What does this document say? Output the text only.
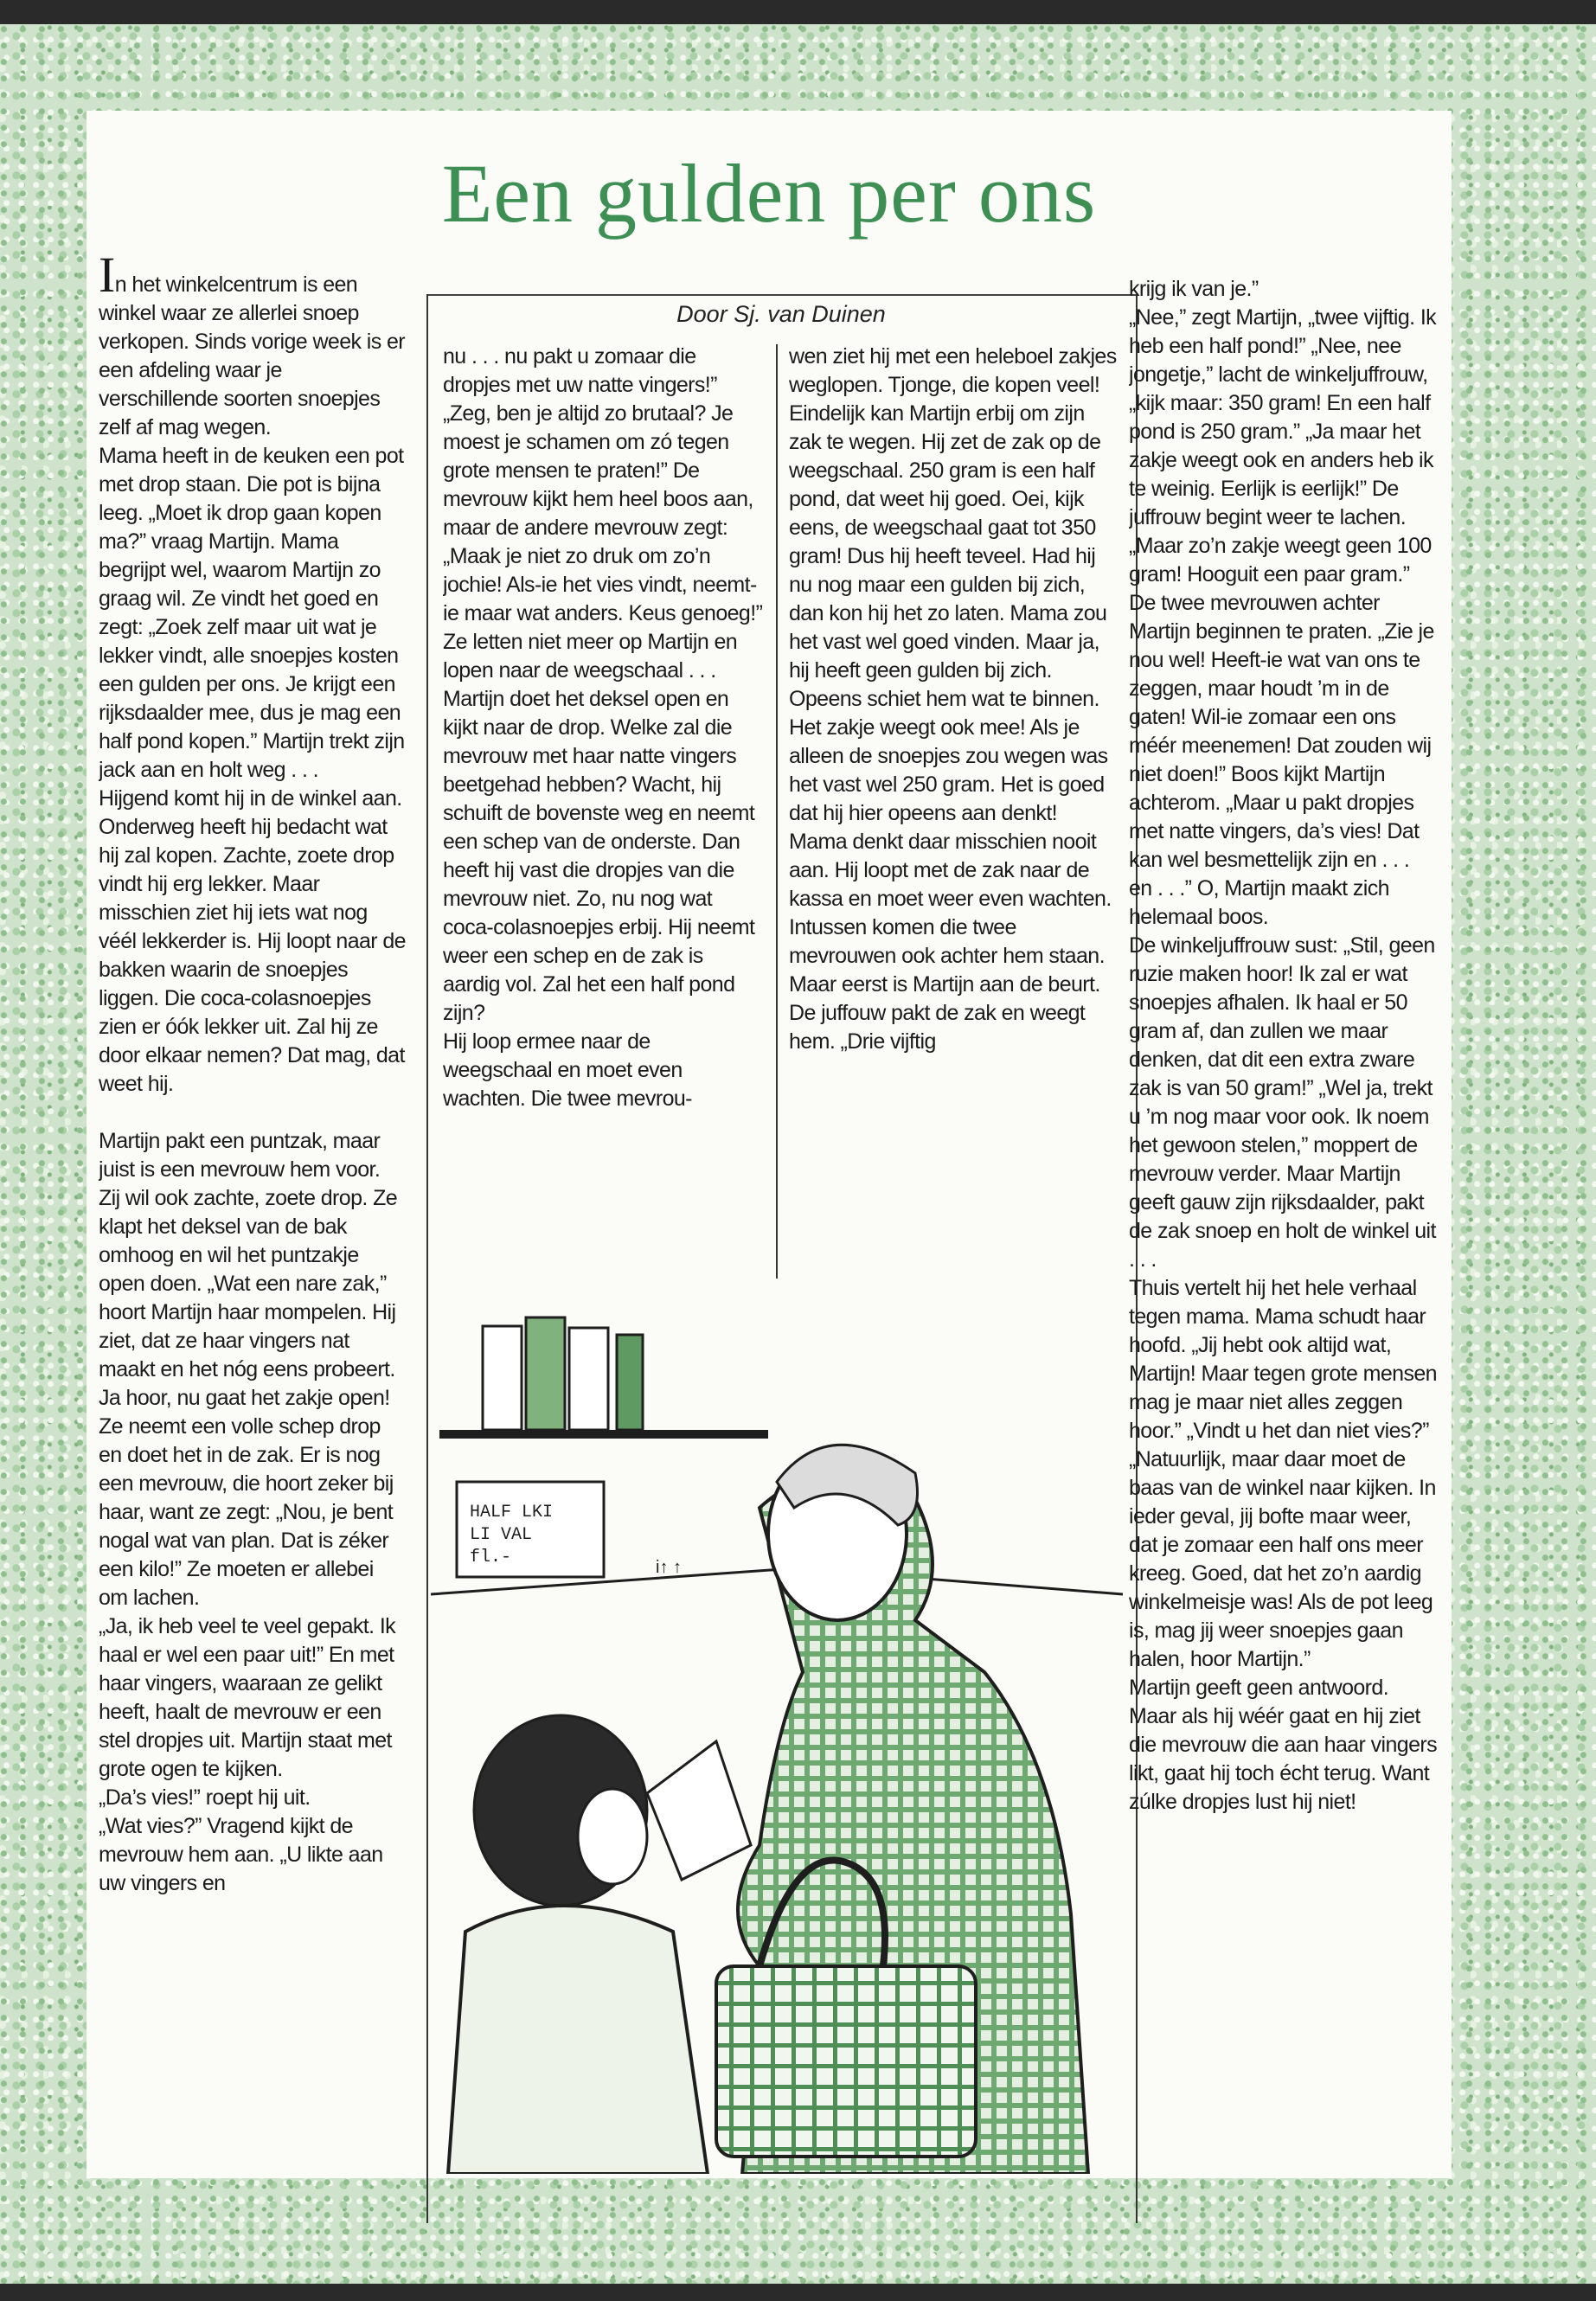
Een gulden per ons
Door Sj. van Duinen

In het winkelcentrum is een winkel waar ze allerlei snoep verkopen. Sinds vorige week is er een afdeling waar je verschillende soorten snoepjes zelf af mag wegen.
Mama heeft in de keuken een pot met drop staan. Die pot is bijna leeg. „Moet ik drop gaan kopen ma?” vraag Martijn. Mama begrijpt wel, waarom Martijn zo graag wil. Ze vindt het goed en zegt: „Zoek zelf maar uit wat je lekker vindt, alle snoepjes kosten een gulden per ons. Je krijgt een rijksdaalder mee, dus je mag een half pond kopen.” Martijn trekt zijn jack aan en holt weg . . .
Hijgend komt hij in de winkel aan. Onderweg heeft hij bedacht wat hij zal kopen. Zachte, zoete drop vindt hij erg lekker. Maar misschien ziet hij iets wat nog véél lekkerder is. Hij loopt naar de bakken waarin de snoepjes liggen. Die coca-colasnoepjes zien er óók lekker uit. Zal hij ze door elkaar nemen? Dat mag, dat weet hij.

Martijn pakt een puntzak, maar juist is een mevrouw hem voor. Zij wil ook zachte, zoete drop. Ze klapt het deksel van de bak omhoog en wil het puntzakje open doen. „Wat een nare zak,” hoort Martijn haar mompelen. Hij ziet, dat ze haar vingers nat maakt en het nóg eens probeert. Ja hoor, nu gaat het zakje open! Ze neemt een volle schep drop en doet het in de zak. Er is nog een mevrouw, die hoort zeker bij haar, want ze zegt: „Nou, je bent nogal wat van plan. Dat is zéker een kilo!” Ze moeten er allebei om lachen.
„Ja, ik heb veel te veel gepakt. Ik haal er wel een paar uit!” En met haar vingers, waaraan ze gelikt heeft, haalt de mevrouw er een stel dropjes uit. Martijn staat met grote ogen te kijken.
„Da’s vies!” roept hij uit.
„Wat vies?” Vragend kijkt de mevrouw hem aan. „U likte aan uw vingers en

nu . . . nu pakt u zomaar die dropjes met uw natte vingers!” „Zeg, ben je altijd zo brutaal? Je moest je schamen om zó tegen grote mensen te praten!” De mevrouw kijkt hem heel boos aan, maar de andere mevrouw zegt: „Maak je niet zo druk om zo’n jochie! Als-ie het vies vindt, neemt-ie maar wat anders. Keus genoeg!” Ze letten niet meer op Martijn en lopen naar de weegschaal . . .
Martijn doet het deksel open en kijkt naar de drop. Welke zal die mevrouw met haar natte vingers beetgehad hebben? Wacht, hij schuift de bovenste weg en neemt een schep van de onderste. Dan heeft hij vast die dropjes van die mevrouw niet. Zo, nu nog wat coca-colasnoepjes erbij. Hij neemt weer een schep en de zak is aardig vol. Zal het een half pond zijn?
Hij loop ermee naar de weegschaal en moet even wachten. Die twee mevrou-

wen ziet hij met een heleboel zakjes weglopen. Tjonge, die kopen veel! Eindelijk kan Martijn erbij om zijn zak te wegen. Hij zet de zak op de weegschaal. 250 gram is een half pond, dat weet hij goed. Oei, kijk eens, de weegschaal gaat tot 350 gram! Dus hij heeft teveel. Had hij nu nog maar een gulden bij zich, dan kon hij het zo laten. Mama zou het vast wel goed vinden. Maar ja, hij heeft geen gulden bij zich.
Opeens schiet hem wat te binnen. Het zakje weegt ook mee! Als je alleen de snoepjes zou wegen was het vast wel 250 gram. Het is goed dat hij hier opeens aan denkt! Mama denkt daar misschien nooit aan. Hij loopt met de zak naar de kassa en moet weer even wachten. Intussen komen die twee mevrouwen ook achter hem staan. Maar eerst is Martijn aan de beurt. De juffouw pakt de zak en weegt hem. „Drie vijftig

krijg ik van je.”
„Nee,” zegt Martijn, „twee vijftig. Ik heb een half pond!” „Nee, nee jongetje,” lacht de winkeljuffrouw, „kijk maar: 350 gram! En een half pond is 250 gram.” „Ja maar het zakje weegt ook en anders heb ik te weinig. Eerlijk is eerlijk!” De juffrouw begint weer te lachen. „Maar zo’n zakje weegt geen 100 gram! Hooguit een paar gram.”
De twee mevrouwen achter Martijn beginnen te praten. „Zie je nou wel! Heeft-ie wat van ons te zeggen, maar houdt ’m in de gaten! Wil-ie zomaar een ons méér meenemen! Dat zouden wij niet doen!” Boos kijkt Martijn achterom. „Maar u pakt dropjes met natte vingers, da’s vies! Dat kan wel besmettelijk zijn en . . .
en . . .” O, Martijn maakt zich helemaal boos.
De winkeljuffrouw sust: „Stil, geen ruzie maken hoor! Ik zal er wat snoepjes afhalen. Ik haal er 50 gram af, dan zullen we maar denken, dat dit een extra zware zak is van 50 gram!” „Wel ja, trekt u ’m nog maar voor ook. Ik noem het gewoon stelen,” moppert de mevrouw verder. Maar Martijn geeft gauw zijn rijksdaalder, pakt de zak snoep en holt de winkel uit . . .
Thuis vertelt hij het hele verhaal tegen mama. Mama schudt haar hoofd. „Jij hebt ook altijd wat, Martijn! Maar tegen grote mensen mag je maar niet alles zeggen hoor.” „Vindt u het dan niet vies?” „Natuurlijk, maar daar moet de baas van de winkel naar kijken. In ieder geval, jij bofte maar weer, dat je zomaar een half ons meer kreeg. Goed, dat het zo’n aardig winkelmeisje was! Als de pot leeg is, mag jij weer snoepjes gaan halen, hoor Martijn.”
Martijn geeft geen antwoord. Maar als hij wéér gaat en hij ziet die mevrouw die aan haar vingers likt, gaat hij toch écht terug. Want zúlke dropjes lust hij niet!

HALF LKI LI VAL fl.-	i↑ ↑
